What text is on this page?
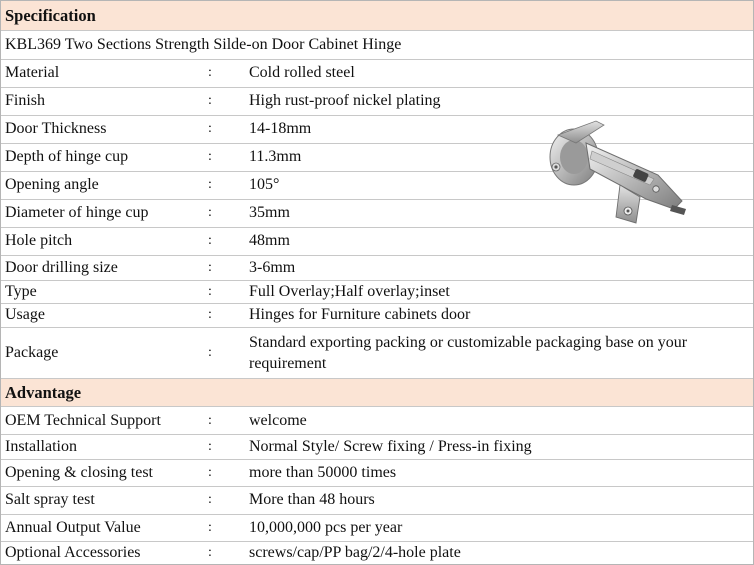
Specification
KBL369 Two Sections Strength Silde-on Door Cabinet Hinge
Material	: Cold rolled steel
Finish	: High rust-proof nickel plating
Door Thickness	: 14-18mm
Depth of hinge cup	: 11.3mm
Opening angle	: 105°
Diameter of hinge cup	: 35mm
Hole pitch	: 48mm
Door drilling size	: 3-6mm
Type	: Full Overlay;Half overlay;inset
Usage	: Hinges for Furniture cabinets door
Package	:
Standard exporting packing or customizable packaging base on your requirement
Advantage
OEM Technical Support	: welcome
Installation	: Normal Style/ Screw fixing / Press-in fixing
Opening & closing test	: more than 50000 times
Salt spray test	: More than 48 hours
Annual Output Value	: 10,000,000 pcs per year
Optional Accessories	: screws/cap/PP bag/2/4-hole plate
